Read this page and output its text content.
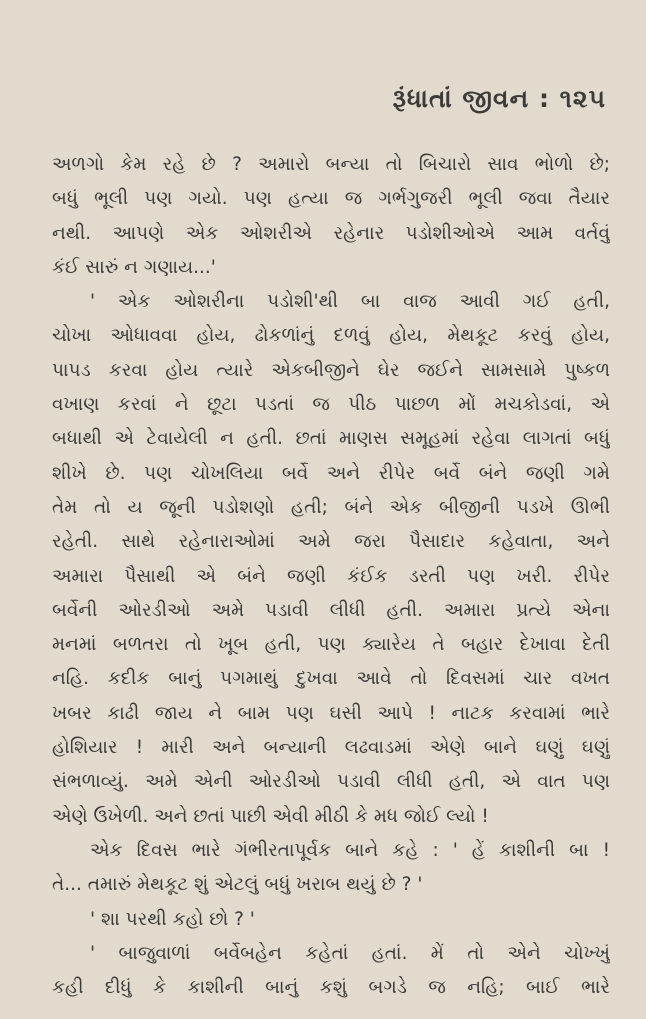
રૂંધાતાં જીવન : ૧૨૫
અળગો કેમ રહે છે ? અમારો બન્યા તો બિચારો સાવ ભોળો છે;
બધું ભૂલી પણ ગયો. પણ હત્યા જ ગર્ભગુજરી ભૂલી જવા તૈયાર
નથી. આપણે એક ઓશરીએ રહેનાર પડોશીઓએ આમ વર્તવું
કંઈ સારું ન ગણાય...'
' એક ઓશરીના પડોશી'થી બા વાજ આવી ગઈ હતી,
ચોખા ઓધાવવા હોય, ઢોકળાંનું દળવું હોય, મેથકૂટ કરવું હોય,
પાપડ કરવા હોય ત્યારે એકબીજીને ઘેર જઈને સામસામે પુષ્કળ
વખાણ કરવાં ને છૂટા પડતાં જ પીઠ પાછળ મોં મચકોડવાં, એ
બધાથી એ ટેવાયેલી ન હતી. છતાં માણસ સમૂહમાં રહેવા લાગતાં બધું
શીખે છે. પણ ચોખલિયા બર્વે અને રીપેર બર્વે બંને જણી ગમે
તેમ તો ય જૂની પડોશણો હતી; બંને એક બીજીની પડખે ઊભી
રહેતી. સાથે રહેનારાઓમાં અમે જરા પૈસાદાર કહેવાતા, અને
અમારા પૈસાથી એ બંને જણી કંઈક ડરતી પણ ખરી. રીપેર
બર્વેની ઓરડીઓ અમે પડાવી લીધી હતી. અમારા પ્રત્યે એના
મનમાં બળતરા તો ખૂબ હતી, પણ ક્યારેય તે બહાર દેખાવા દેતી
નહિ. કદીક બાનું પગમાથું દુખવા આવે તો દિવસમાં ચાર વખત
ખબર કાઢી જાય ને બામ પણ ઘસી આપે ! નાટક કરવામાં ભારે
હોશિયાર ! મારી અને બન્યાની લઢવાડમાં એણે બાને ઘણું ઘણું
સંભળાવ્યું. અમે એની ઓરડીઓ પડાવી લીધી હતી, એ વાત પણ
એણે ઉખેળી. અને છતાં પાછી એવી મીઠી કે મધ જોઈ લ્યો !
એક દિવસ ભારે ગંભીરતાપૂર્વક બાને કહે : ' હેં કાશીની બા !
તે... તમારું મેથકૂટ શું એટલું બધું ખરાબ થયું છે ? '
' શા પરથી કહો છો ? '
' બાજુવાળાં બર્વેબહેન કહેતાં હતાં. મેં તો એને ચોખ્ખું
કહી દીધું કે કાશીની બાનું કશું બગડે જ નહિ; બાઈ ભારે
